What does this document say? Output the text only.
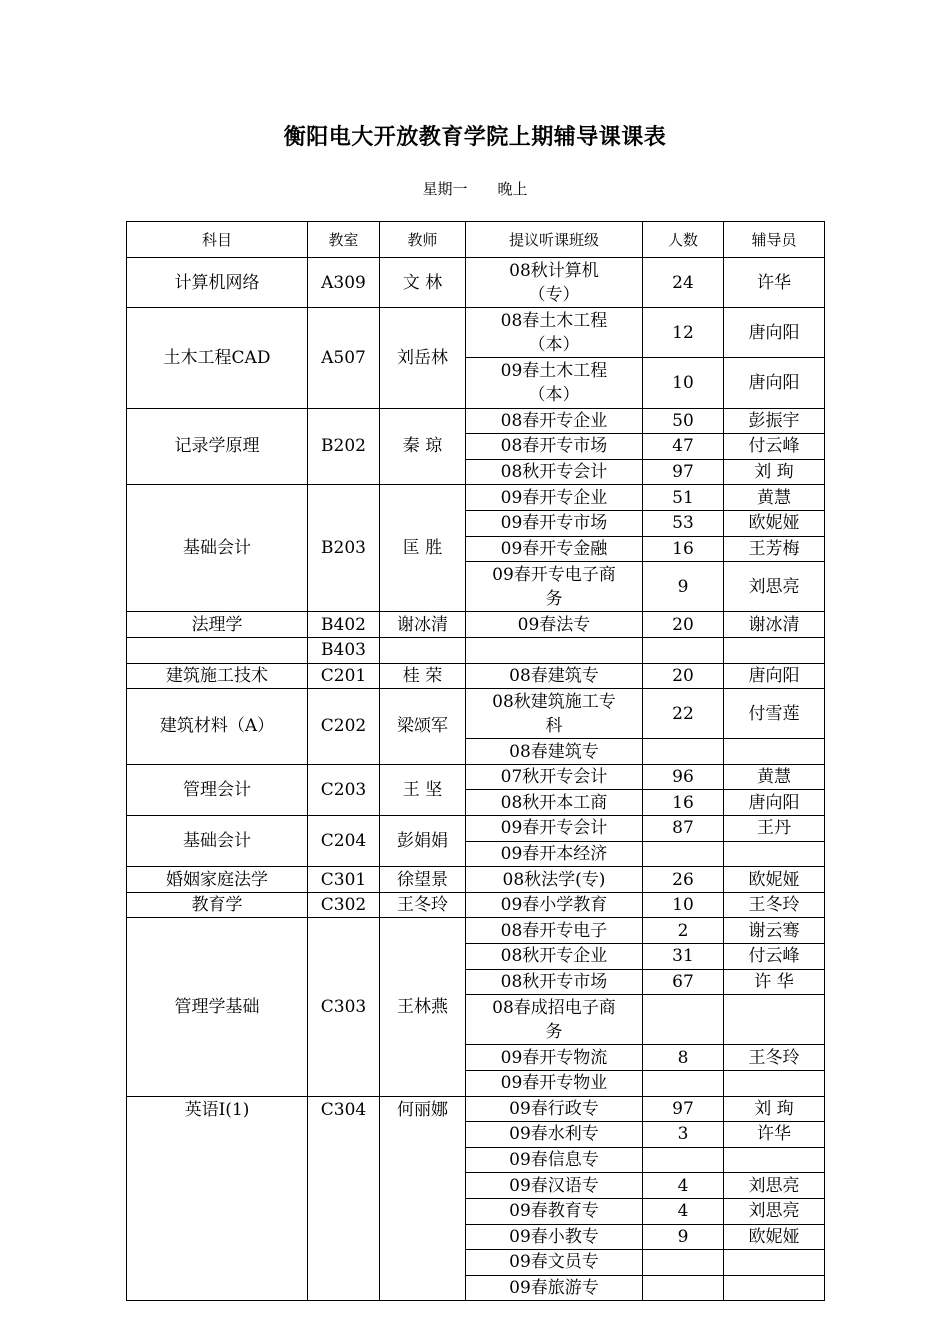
衡阳电大开放教育学院上期辅导课课表
星期一 晚上
科目	教室	教师	提议听课班级	人数	辅导员
计算机网络	A309	文 林	08秋计算机（专）	24	许华
土木工程CAD	A507	刘岳林	08春土木工程（本）	12	唐向阳
			09春土木工程（本）	10	唐向阳
记录学原理	B202	秦 琼	08春开专企业	50	彭振宇
			08春开专市场	47	付云峰
			08秋开专会计	97	刘 珣
基础会计	B203	匡 胜	09春开专企业	51	黄慧
			09春开专市场	53	欧妮娅
			09春开专金融	16	王芳梅
			09春开专电子商务	9	刘思亮
法理学	B402	谢冰清	09春法专	20	谢冰清
	B403				
建筑施工技术	C201	桂 荣	08春建筑专	20	唐向阳
建筑材料（A）	C202	梁颂军	08秋建筑施工专科	22	付雪莲
			08春建筑专		
管理会计	C203	王 坚	07秋开专会计	96	黄慧
			08秋开本工商	16	唐向阳
基础会计	C204	彭娟娟	09春开专会计	87	王丹
			09春开本经济		
婚姻家庭法学	C301	徐望景	08秋法学(专)	26	欧妮娅
教育学	C302	王冬玲	09春小学教育	10	王冬玲
管理学基础	C303	王林燕	08春开专电子	2	谢云骞
			08秋开专企业	31	付云峰
			08秋开专市场	67	许 华
			08春成招电子商务		
			09春开专物流	8	王冬玲
			09春开专物业		
英语I(1)	C304	何丽娜	09春行政专	97	刘 珣
			09春水利专	3	许华
			09春信息专		
			09春汉语专	4	刘思亮
			09春教育专	4	刘思亮
			09春小教专	9	欧妮娅
			09春文员专		
			09春旅游专		
